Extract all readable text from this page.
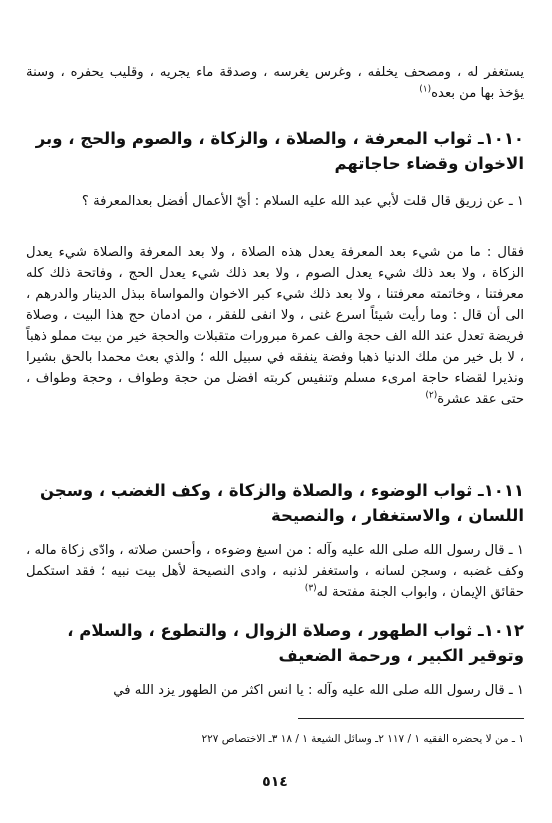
يستغفر له ، ومصحف يخلفه ، وغرس يغرسه ، وصدقة ماء يجريه ، وقليب يحفره ، وسنة يؤخذ بها من بعده$^{(١)}$

١٠١٠ـ ثواب المعرفة ، والصلاة ، والزكاة ، والصوم والحج ، وبر الاخوان وقضاء حاجاتهم

١ ـ عن زريق قال قلت لأبي عبد الله عليه السلام : أيّ الأعمال أفضل بعدالمعرفة ؟

فقال : ما من شيء بعد المعرفة يعدل هذه الصلاة ، ولا بعد المعرفة والصلاة شيء يعدل الزكاة ، ولا بعد ذلك شيء يعدل الصوم ، ولا بعد ذلك شيء يعدل الحج ، وفاتحة ذلك كله معرفتنا ، وخاتمته معرفتنا ، ولا بعد ذلك شيء كبر الاخوان والمواساة ببذل الدينار والدرهم ، الى أن قال : وما رأيت شيئاً اسرع غنى ، ولا انفى للفقر ، من ادمان حج هذا البيت ، وصلاة فريضة تعدل عند الله الف حجة والف عمرة مبرورات متقبلات والحجة خير من بيت مملو ذهباً ، لا بل خير من ملك الدنيا ذهبا وفضة ينفقه في سبيل الله ؛ والذي بعث محمدا بالحق بشيرا ونذيرا لقضاء حاجة امرىء مسلم وتنفيس كربته افضل من حجة وطواف ، وحجة وطواف ، حتى عقد عشرة$^{(٢)}$

١٠١١ـ ثواب الوضوء ، والصلاة والزكاة ، وكف الغضب ، وسجن اللسان ، والاستغفار ، والنصيحة

١ ـ قال رسول الله صلى الله عليه وآله : من اسبغ وضوءه ، وأحسن صلاته ، وادّى زكاة ماله ، وكف غضبه ، وسجن لسانه ، واستغفر لذنبه ، وادى النصيحة لأهل بيت نبيه ؛ فقد استكمل حقائق الإيمان ، وابواب الجنة مفتحة له$^{(٣)}$

١٠١٢ـ ثواب الطهور ، وصلاة الزوال ، والتطوع ، والسلام ، وتوقير الكبير ، ورحمة الضعيف

١ ـ قال رسول الله صلى الله عليه وآله : يا انس اكثر من الطهور يزد الله في

١ ـ من لا يحضره الفقيه ١ / ١١٧ ٢ـ وسائل الشيعة ١ / ١٨ ٣ـ الاختصاص ٢٢٧

٥١٤
